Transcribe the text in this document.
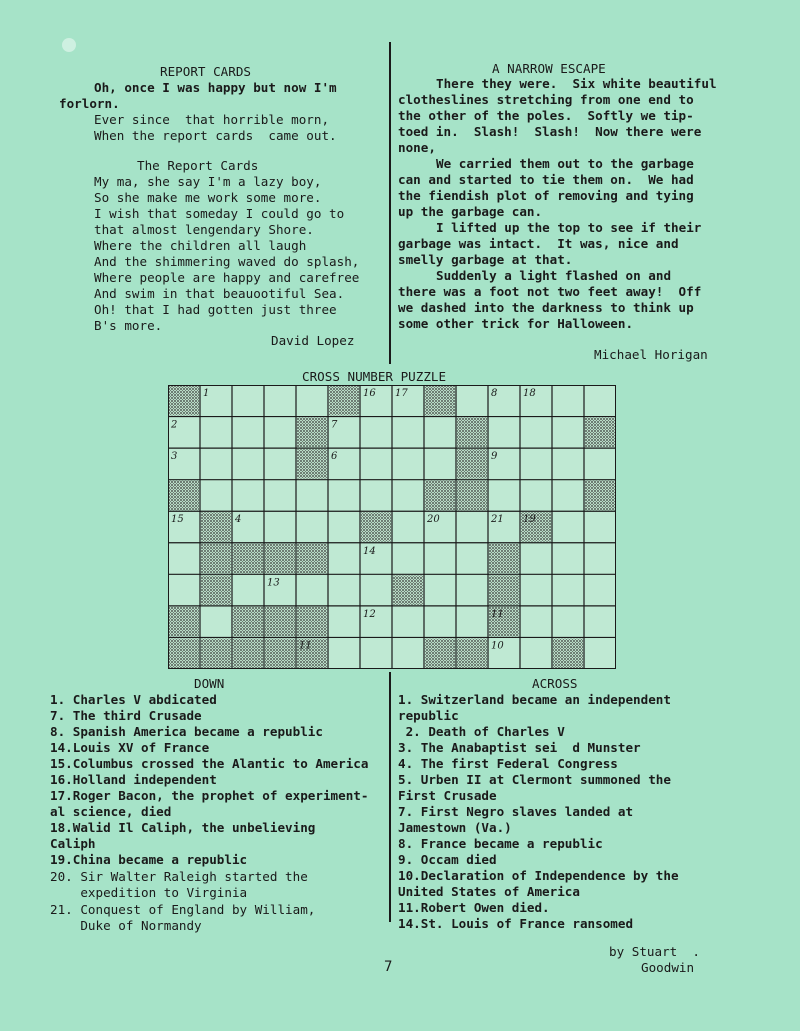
REPORT CARDS
Oh, once I was happy but now I'm
forlorn.
Ever since  that horrible morn,
When the report cards  came out.
The Report Cards
My ma, she say I'm a lazy boy,
So she make me work some more.
I wish that someday I could go to
that almost lengendary Shore.
Where the children all laugh
And the shimmering waved do splash,
Where people are happy and carefree
And swim in that beauootiful Sea.
Oh! that I had gotten just three
B's more.
David Lopez
A NARROW ESCAPE
There they were.  Six white beautiful
clotheslines stretching from one end to
the other of the poles.  Softly we tip-
toed in.  Slash!  Slash!  Now there were
none,
We carried them out to the garbage
can and started to tie them on.  We had
the fiendish plot of removing and tying
up the garbage can.
I lifted up the top to see if their
garbage was intact.  It was, nice and
smelly garbage at that.
Suddenly a light flashed on and
there was a foot not two feet away!  Off
we dashed into the darkness to think up
some other trick for Halloween.
Michael Horigan
CROSS NUMBER PUZZLE
1	16 17	8	18
2	7
3	6	9
15	4	20	21 19
14
13
12	11
11	10
DOWN
1. Charles V abdicated
7. The third Crusade
8. Spanish America became a republic
14.Louis XV of France
15.Columbus crossed the Alantic to America
16.Holland independent
17.Roger Bacon, the prophet of experiment-
al science, died
18.Walid Il Caliph, the unbelieving
Caliph
19.China became a republic
20. Sir Walter Raleigh started the
expedition to Virginia
21. Conquest of England by William,
Duke of Normandy
ACROSS
1. Switzerland became an independent
republic
2. Death of Charles V
3. The Anabaptist sei  d Munster
4. The first Federal Congress
5. Urben II at Clermont summoned the
First Crusade
7. First Negro slaves landed at
Jamestown (Va.)
8. France became a republic
9. Occam died
10.Declaration of Independence by the
United States of America
11.Robert Owen died.
14.St. Louis of France ransomed
by Stuart  .
Goodwin
7
